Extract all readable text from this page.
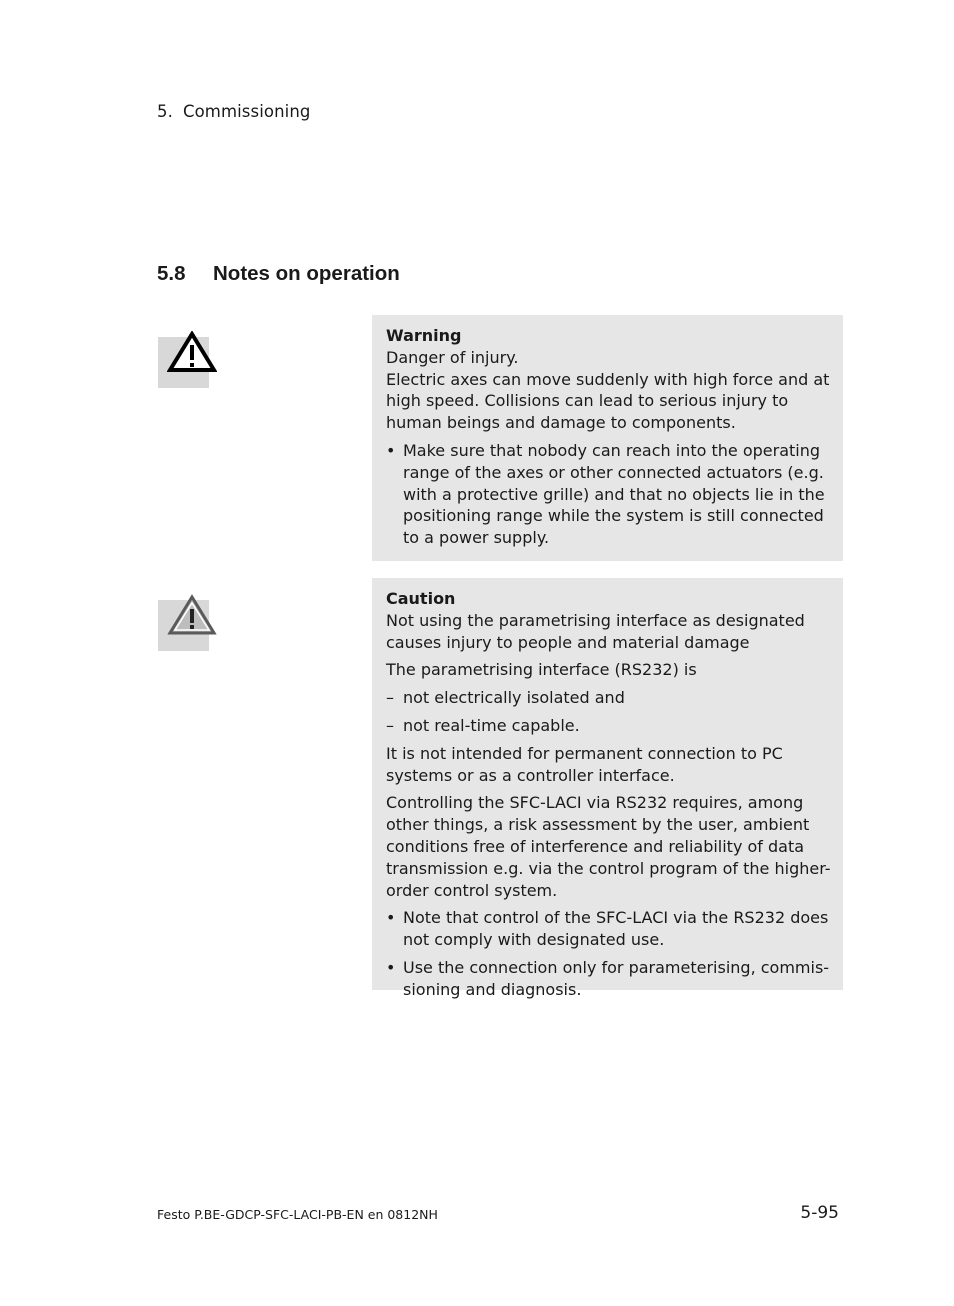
5. Commissioning
5.8 Notes on operation

Warning

Danger of injury.

Electric axes can move suddenly with high force and at high speed. Collisions can lead to serious injury to human beings and damage to components.

• Make sure that nobody can reach into the operating range of the axes or other connected actuators (e.g. with a protective grille) and that no objects lie in the positioning range while the system is still connected to a power supply.

Caution

Not using the parametrising interface as designated causes injury to people and material damage

The parametrising interface (RS232) is

– not electrically isolated and
– not real-time capable.

It is not intended for permanent connection to PC systems or as a controller interface.

Controlling the SFC-LACI via RS232 requires, among other things, a risk assessment by the user, ambient conditions free of interference and reliability of data transmission e.g. via the control program of the higher-order control system.

• Note that control of the SFC-LACI via the RS232 does not comply with designated use.
• Use the connection only for parameterising, commissioning and diagnosis.
Festo P.BE-GDCP-SFC-LACI-PB-EN en 0812NH	5-95
